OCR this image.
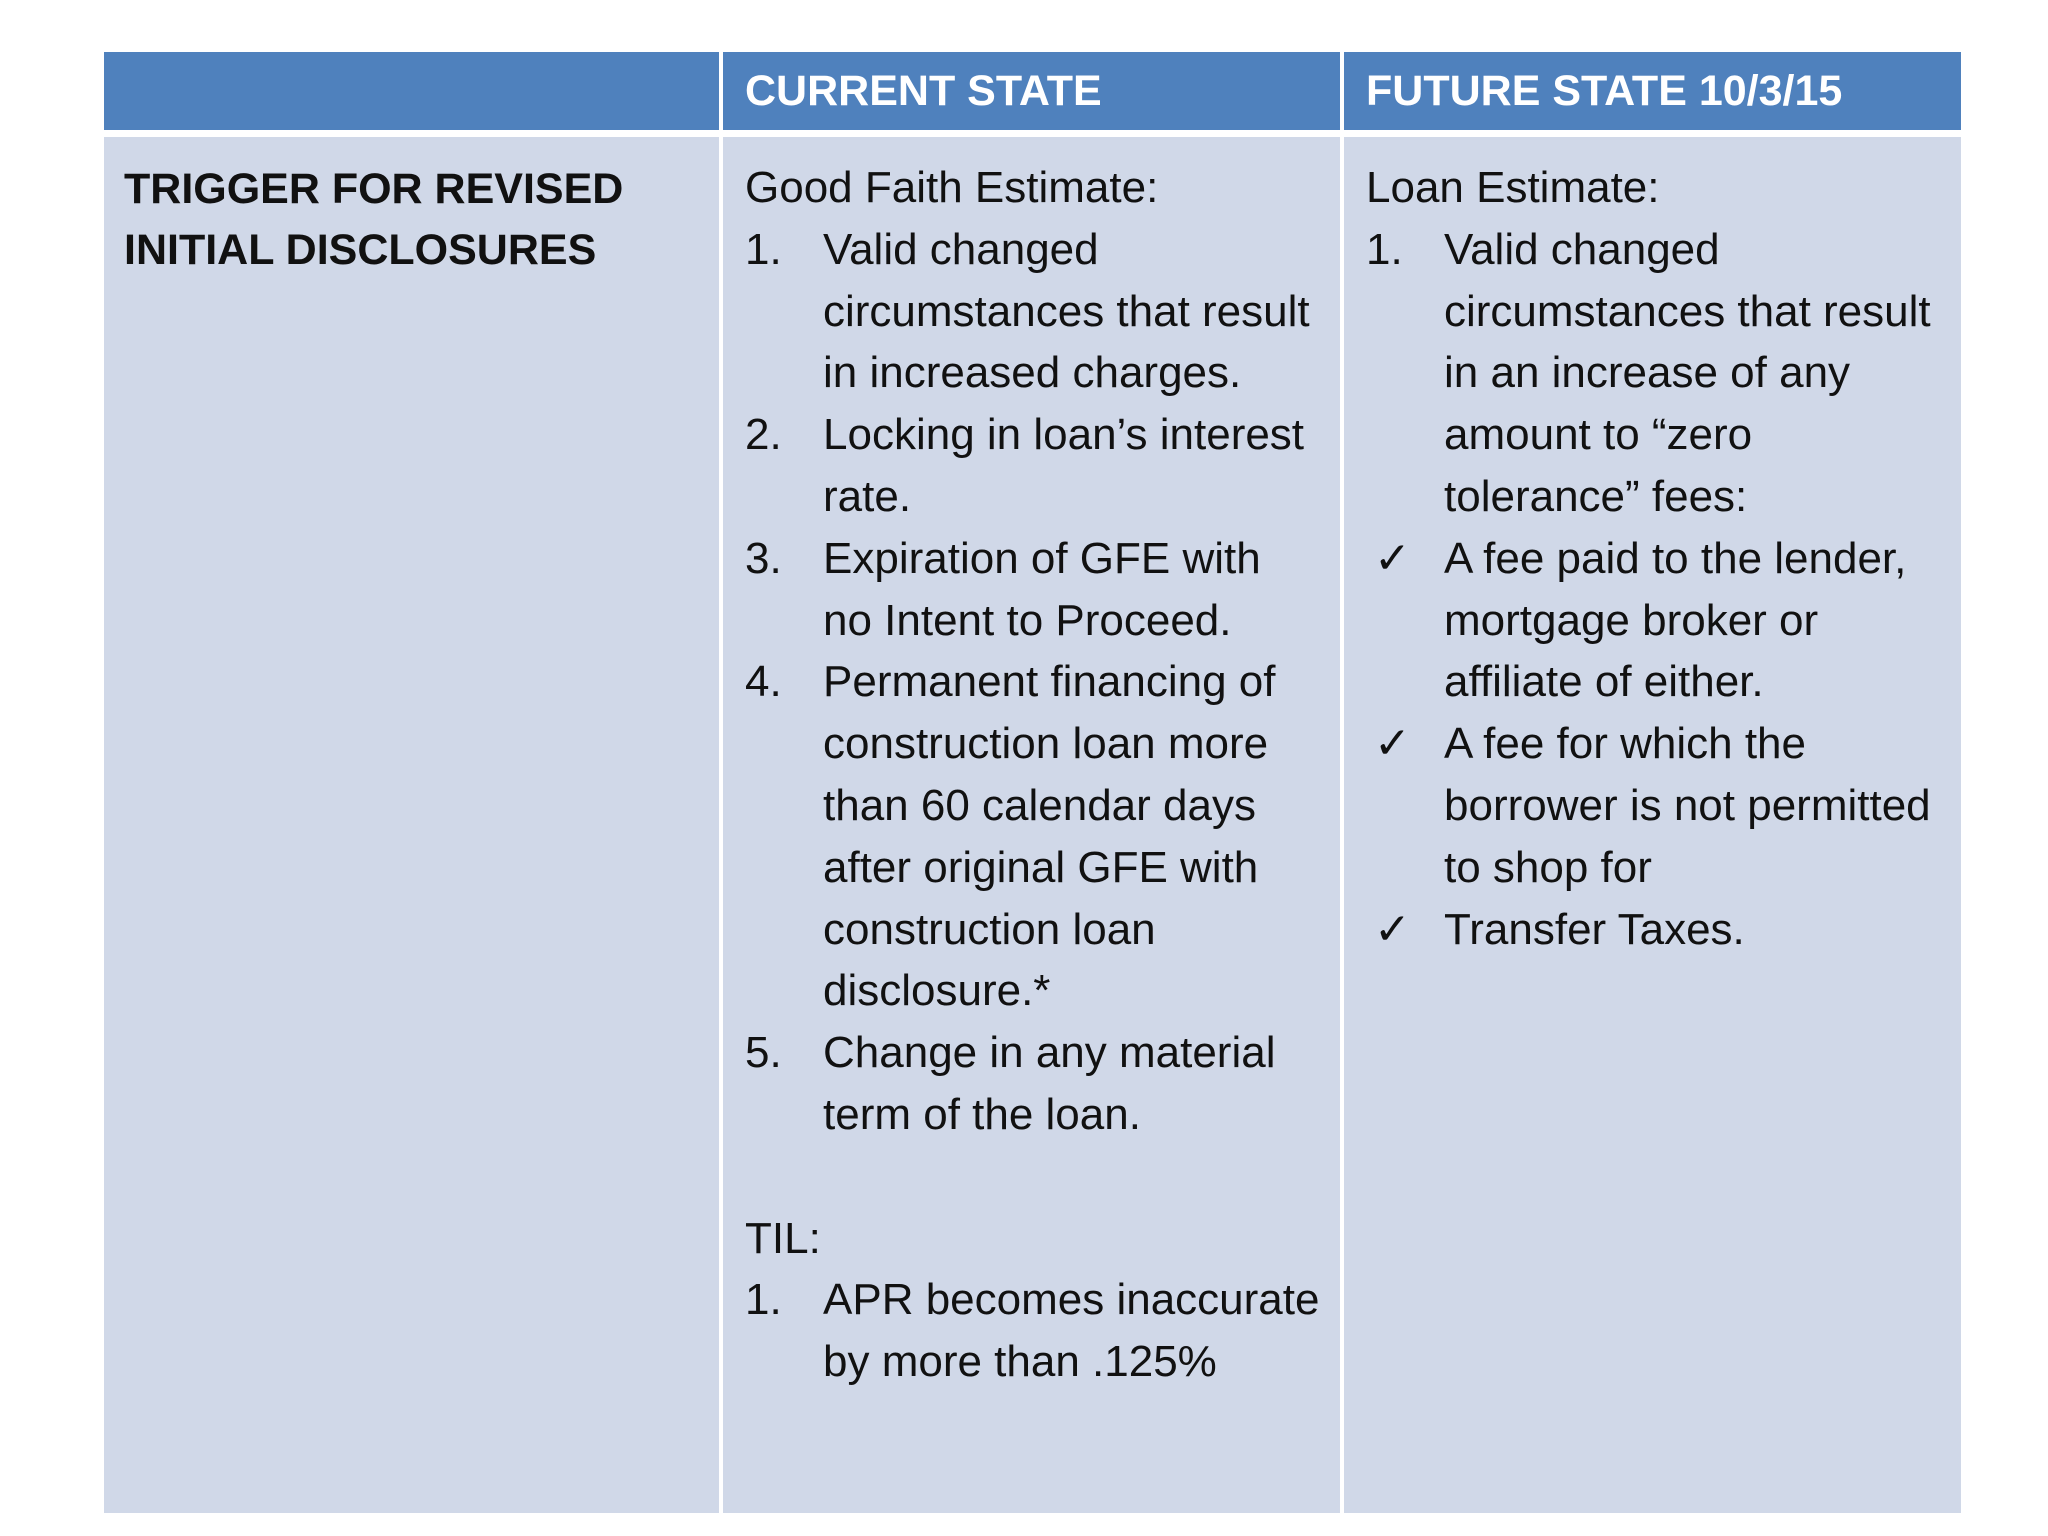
CURRENT STATE	FUTURE STATE 10/3/15
TRIGGER FOR REVISED INITIAL DISCLOSURES

Good Faith Estimate:

1. Valid changed circumstances that result in increased charges.
2. Locking in loan’s interest rate.
3. Expiration of GFE with no Intent to Proceed.
4. Permanent financing of construction loan more than 60 calendar days after original GFE with construction loan disclosure.*
5. Change in any material term of the loan.

TIL:

1. APR becomes inaccurate by more than .125%

Loan Estimate:

1. Valid changed circumstances that result in an increase of any amount to “zero tolerance” fees:
✓ A fee paid to the lender, mortgage broker or affiliate of either.
✓ A fee for which the borrower is not permitted to shop for
✓ Transfer Taxes.
